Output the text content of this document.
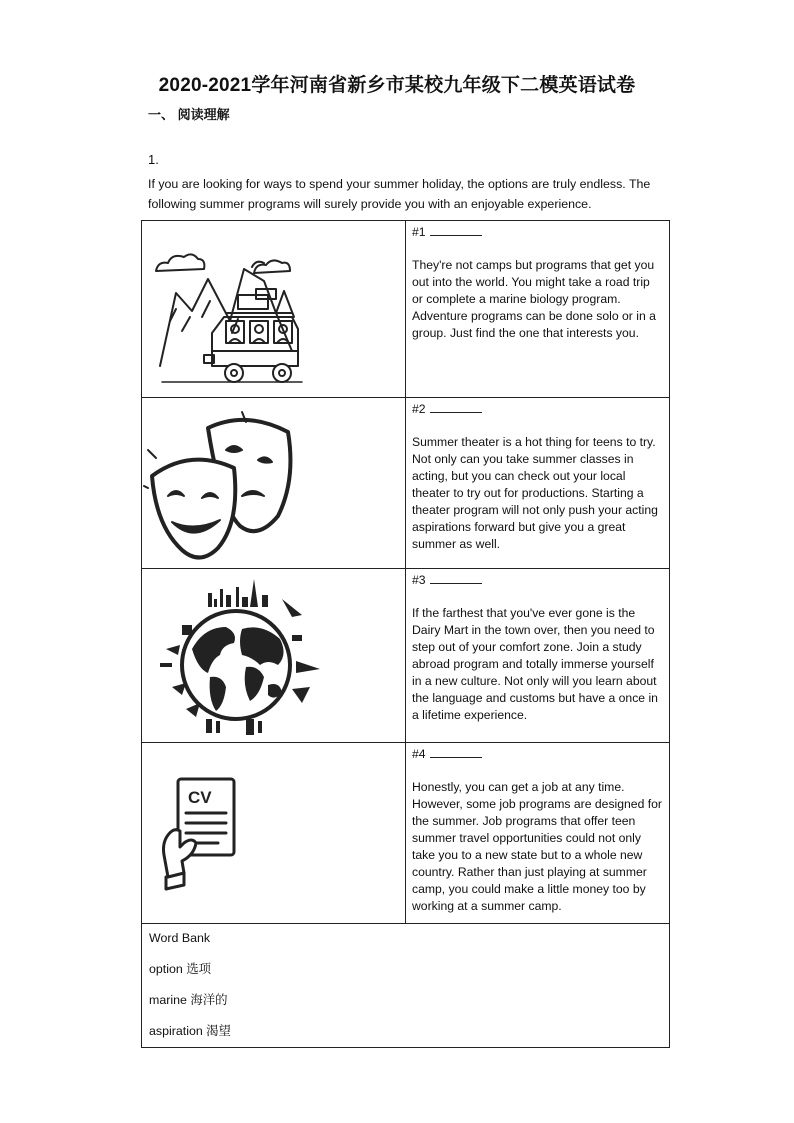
2020-2021学年河南省新乡市某校九年级下二模英语试卷
一、 阅读理解
1.
If you are looking for ways to spend your summer holiday, the options are truly endless. The following summer programs will surely provide you with an enjoyable experience.

#1
They're not camps but programs that get you out into the world. You might take a road trip or complete a marine biology program. Adventure programs can be done solo or in a group. Just find the one that interests you.

#2
Summer theater is a hot thing for teens to try. Not only can you take summer classes in acting, but you can check out your local theater to try out for productions. Starting a theater program will not only push your acting aspirations forward but give you a great summer as well.

#3
If the farthest that you've ever gone is the Dairy Mart in the town over, then you need to step out of your comfort zone. Join a study abroad program and totally immerse yourself in a new culture. Not only will you learn about the language and customs but have a once in a lifetime experience.

CV	#4
Honestly, you can get a job at any time. However, some job programs are designed for the summer. Job programs that offer teen summer travel opportunities could not only take you to a new state but to a whole new country. Rather than just playing at summer camp, you could make a little money too by working at a summer camp.

Word Bank
option 选项
marine 海洋的
aspiration 渴望	
